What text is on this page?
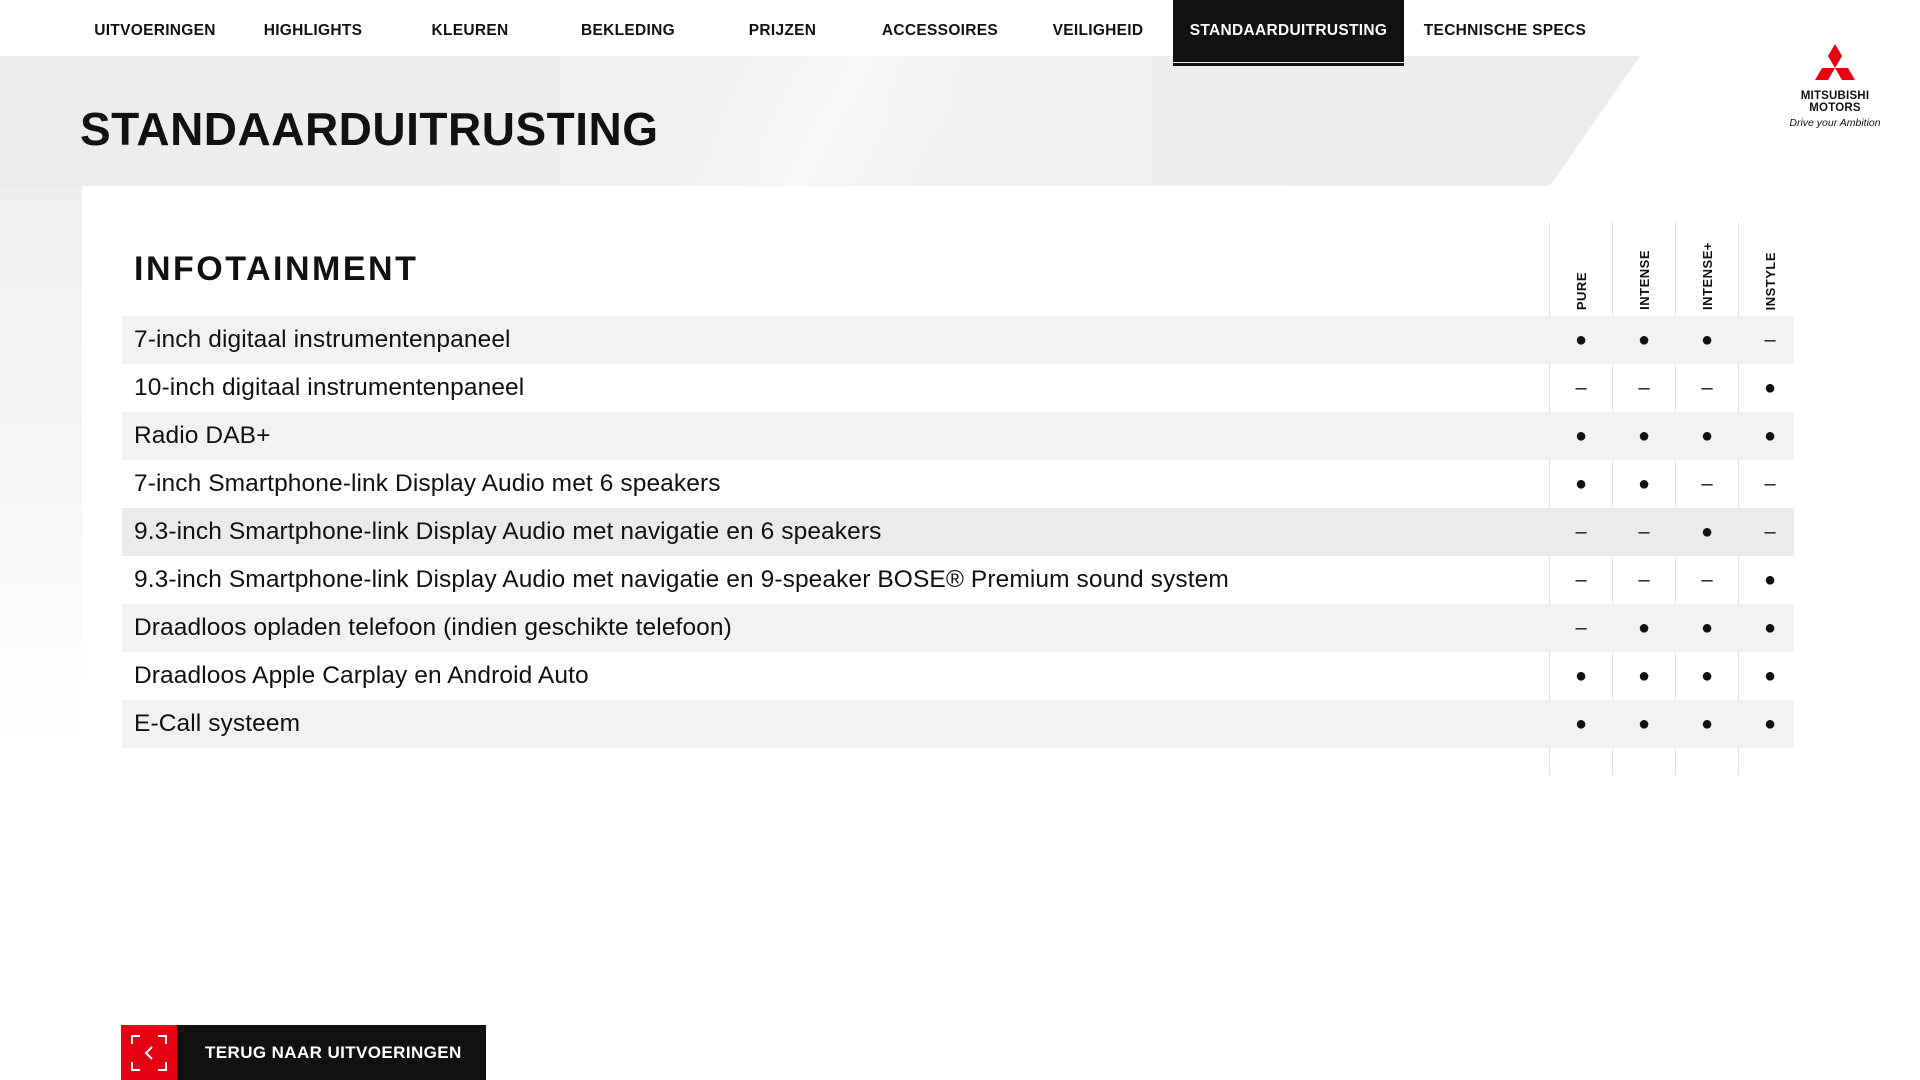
UITVOERINGEN	HIGHLIGHTS	KLEUREN	BEKLEDING	PRIJZEN	ACCESSOIRES	VEILIGHEID	STANDAARDUITRUSTING	TECHNISCHE SPECS
MITSUBISHI
MOTORS
Drive your Ambition
STANDAARDUITRUSTING
INFOTAINMENT
PURE	INTENSE	INTENSE+	INSTYLE
7-inch digitaal instrumentenpaneel	●	●	●	–
10-inch digitaal instrumentenpaneel	–	–	–	●
Radio DAB+	●	●	●	●
7-inch Smartphone-link Display Audio met 6 speakers	●	●	–	–
9.3-inch Smartphone-link Display Audio met navigatie en 6 speakers	–	–	●	–
9.3-inch Smartphone-link Display Audio met navigatie en 9-speaker BOSE® Premium sound system	–	–	–	●
Draadloos opladen telefoon (indien geschikte telefoon)	–	●	●	●
Draadloos Apple Carplay en Android Auto	●	●	●	●
E-Call systeem	●	●	●	●
TERUG NAAR UITVOERINGEN
